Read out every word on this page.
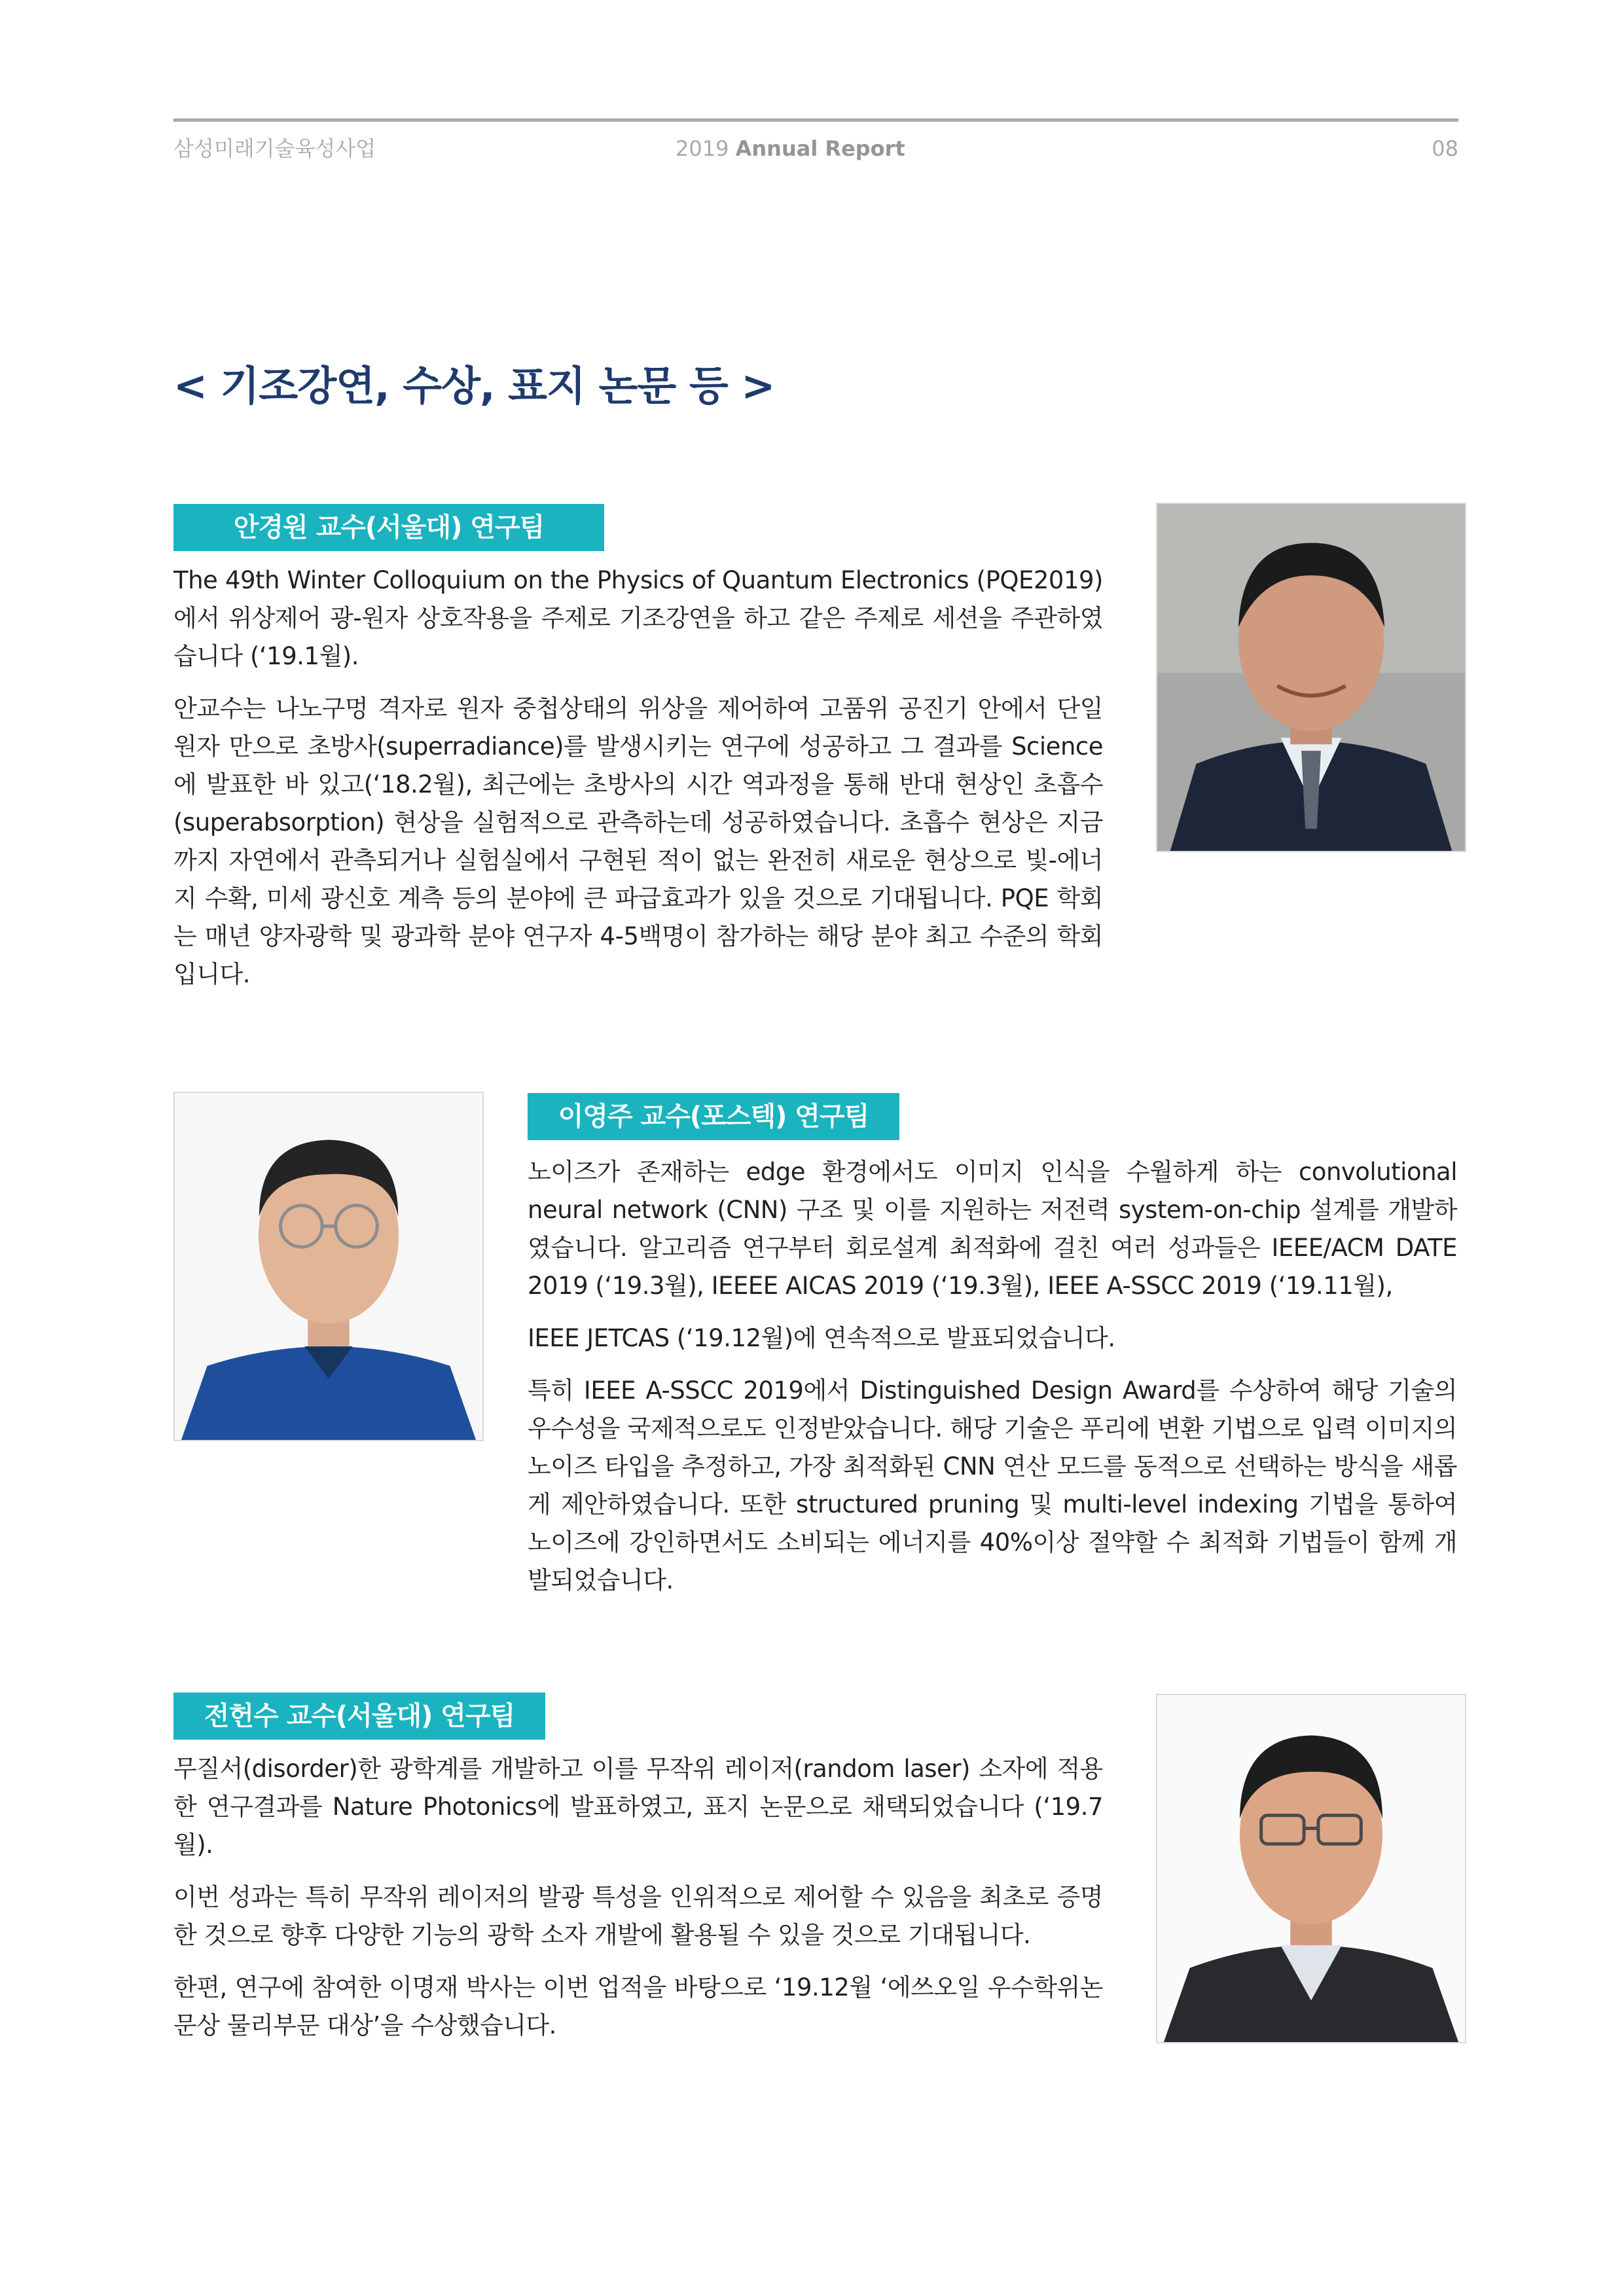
삼성미래기술육성사업	2019 Annual Report	08
< 기조강연, 수상, 표지 논문 등 >
안경원 교수(서울대) 연구팀

The 49th Winter Colloquium on the Physics of Quantum Electronics (PQE2019)에서 위상제어 광-원자 상호작용을 주제로 기조강연을 하고 같은 주제로 세션을 주관하였습니다 (‘19.1월).

안교수는 나노구멍 격자로 원자 중첩상태의 위상을 제어하여 고품위 공진기 안에서 단일 원자 만으로 초방사(superradiance)를 발생시키는 연구에 성공하고 그 결과를 Science에 발표한 바 있고(‘18.2월), 최근에는 초방사의 시간 역과정을 통해 반대 현상인 초흡수(superabsorption) 현상을 실험적으로 관측하는데 성공하였습니다. 초흡수 현상은 지금까지 자연에서 관측되거나 실험실에서 구현된 적이 없는 완전히 새로운 현상으로 빛-에너지 수확, 미세 광신호 계측 등의 분야에 큰 파급효과가 있을 것으로 기대됩니다. PQE 학회는 매년 양자광학 및 광과학 분야 연구자 4-5백명이 참가하는 해당 분야 최고 수준의 학회입니다.

이영주 교수(포스텍) 연구팀

노이즈가 존재하는 edge 환경에서도 이미지 인식을 수월하게 하는 convolutional neural network (CNN) 구조 및 이를 지원하는 저전력 system-on-chip 설계를 개발하였습니다. 알고리즘 연구부터 회로설계 최적화에 걸친 여러 성과들은 IEEE/ACM DATE 2019 (‘19.3월), IEEEE AICAS 2019 (‘19.3월), IEEE A-SSCC 2019 (‘19.11월),

IEEE JETCAS (‘19.12월)에 연속적으로 발표되었습니다.

특히 IEEE A-SSCC 2019에서 Distinguished Design Award를 수상하여 해당 기술의 우수성을 국제적으로도 인정받았습니다. 해당 기술은 푸리에 변환 기법으로 입력 이미지의 노이즈 타입을 추정하고, 가장 최적화된 CNN 연산 모드를 동적으로 선택하는 방식을 새롭게 제안하였습니다. 또한 structured pruning 및 multi-level indexing 기법을 통하여 노이즈에 강인하면서도 소비되는 에너지를 40%이상 절약할 수 최적화 기법들이 함께 개발되었습니다.

전헌수 교수(서울대) 연구팀

무질서(disorder)한 광학계를 개발하고 이를 무작위 레이저(random laser) 소자에 적용한 연구결과를 Nature Photonics에 발표하였고, 표지 논문으로 채택되었습니다 (‘19.7월).

이번 성과는 특히 무작위 레이저의 발광 특성을 인위적으로 제어할 수 있음을 최초로 증명한 것으로 향후 다양한 기능의 광학 소자 개발에 활용될 수 있을 것으로 기대됩니다.

한편, 연구에 참여한 이명재 박사는 이번 업적을 바탕으로 ‘19.12월 ‘에쓰오일 우수학위논문상 물리부문 대상’을 수상했습니다.
